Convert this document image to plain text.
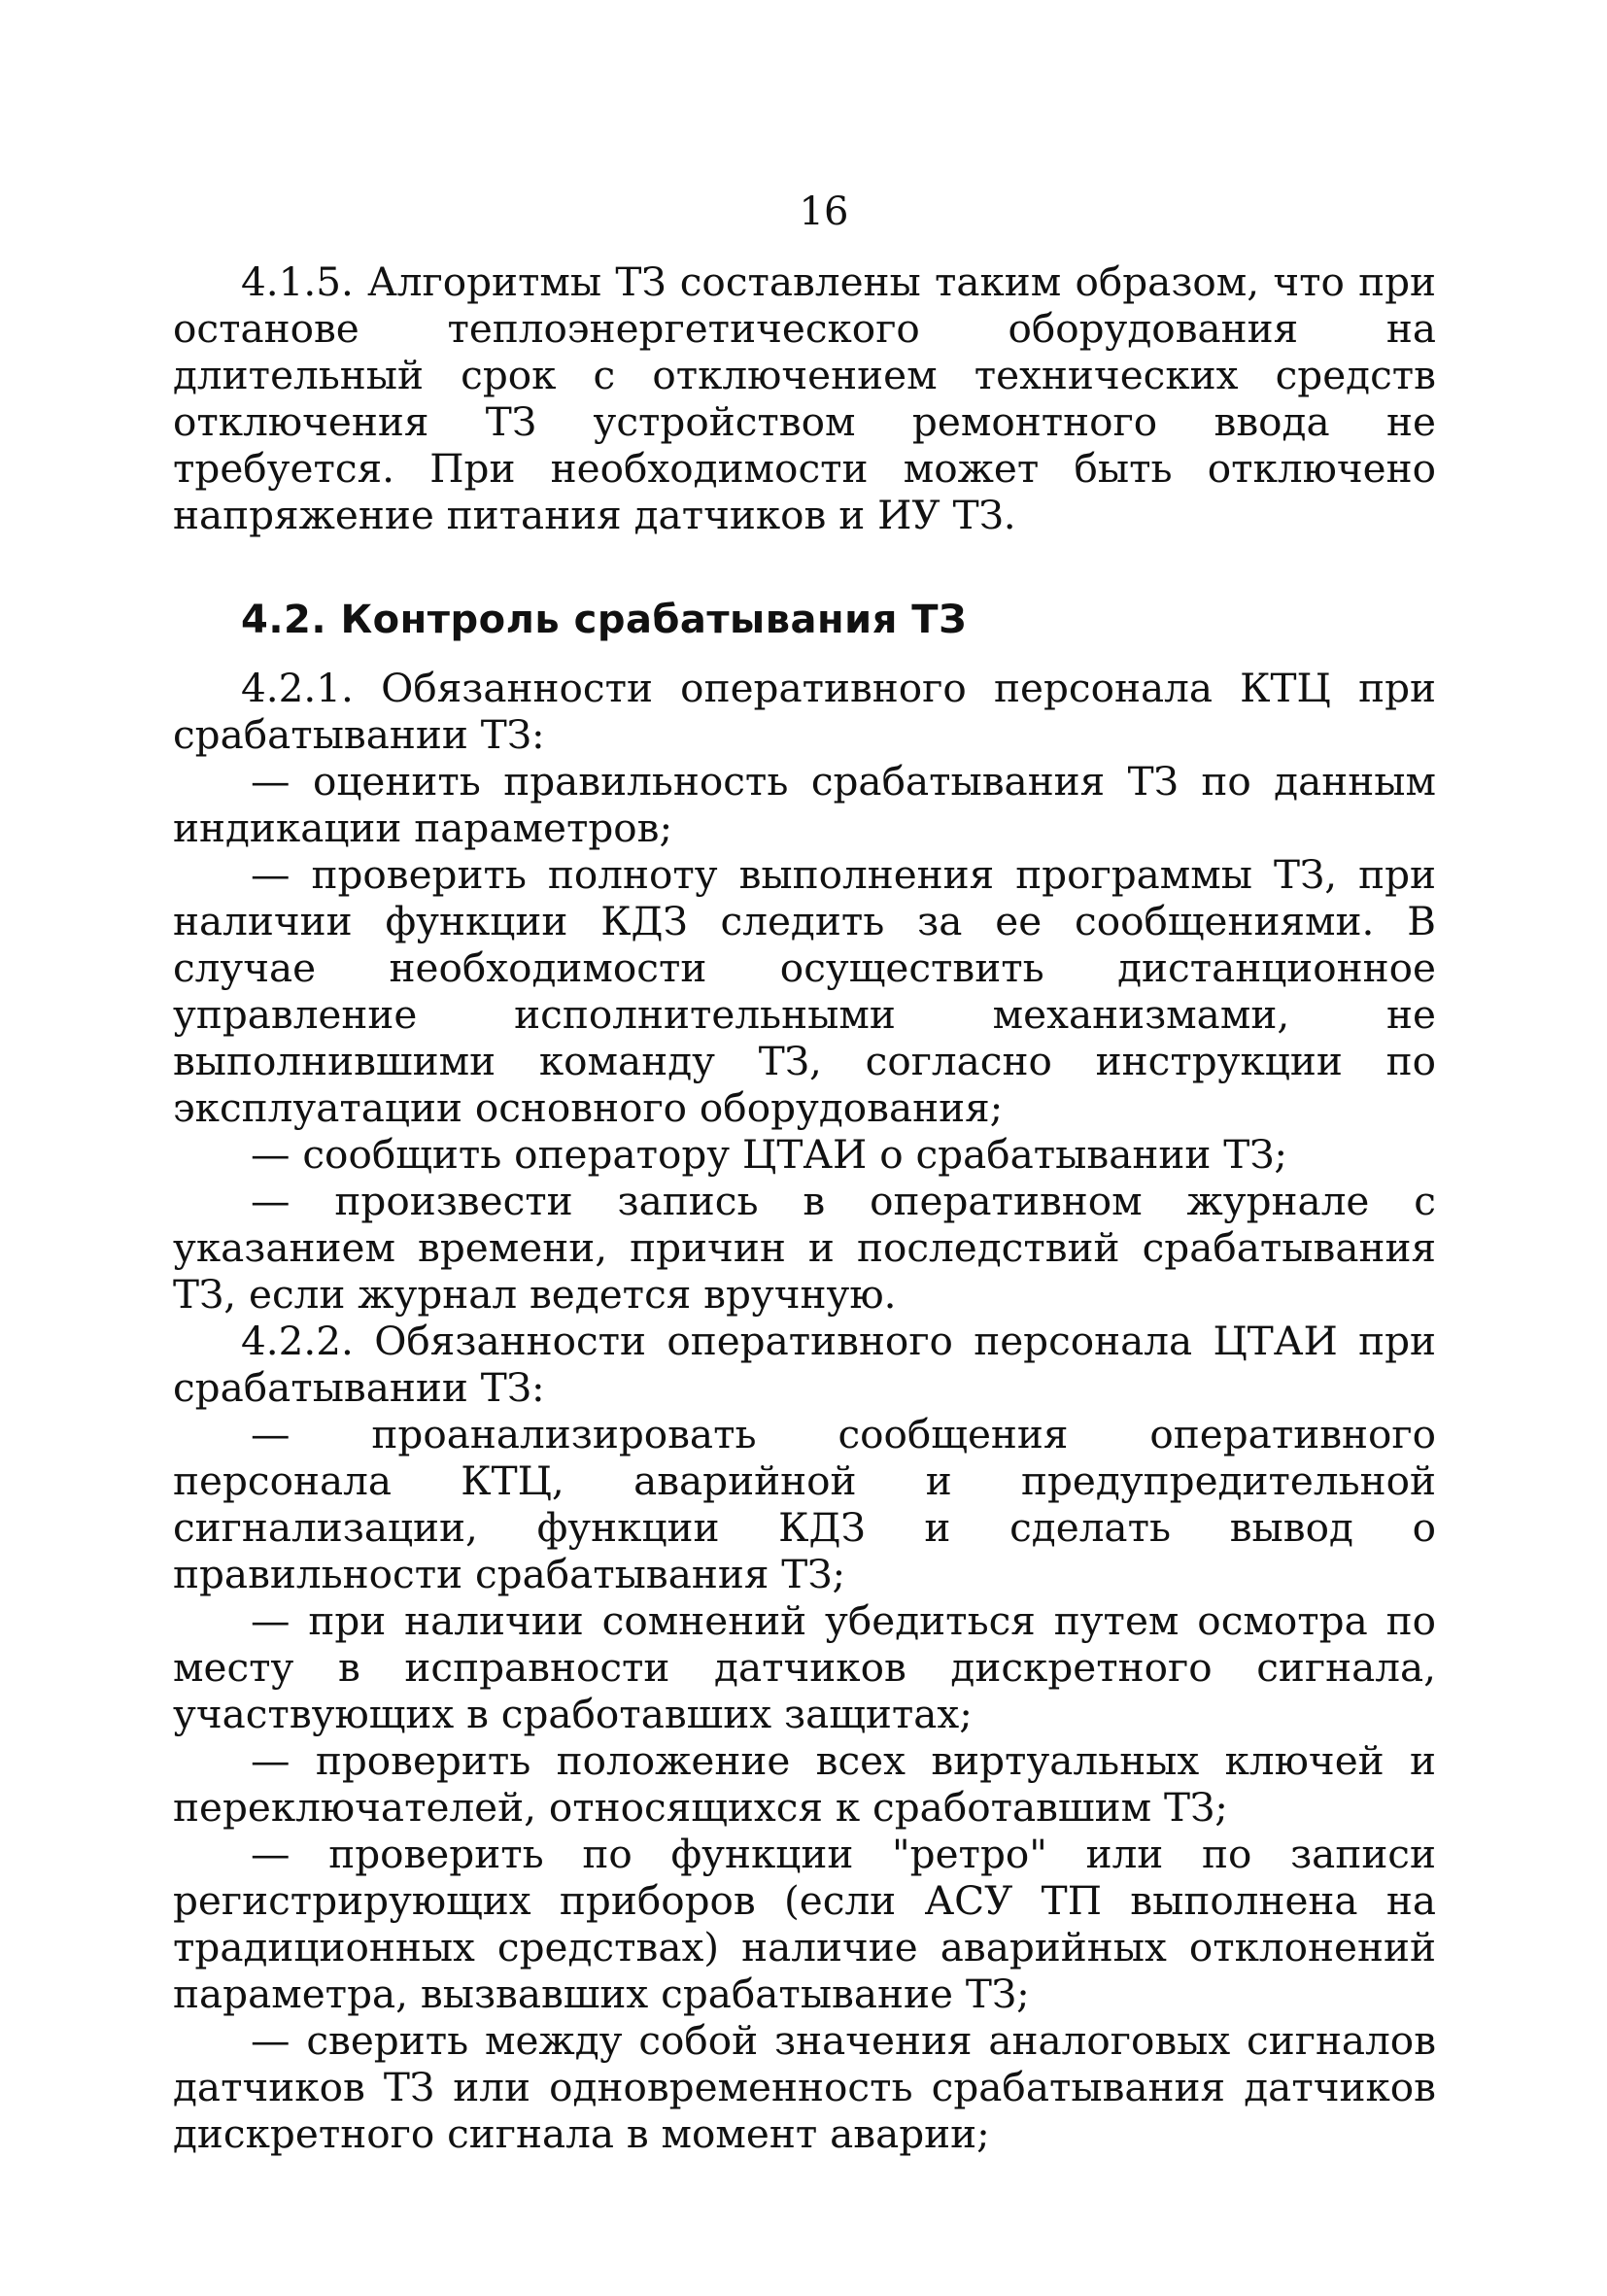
16

4.1.5. Алгоритмы ТЗ составлены таким образом, что при останове теплоэнергетического оборудования на длительный срок с отключением технических средств отключения ТЗ устройством ремонтного ввода не требуется. При необходимости может быть отключено напряжение питания датчиков и ИУ ТЗ.

4.2. Контроль срабатывания ТЗ

4.2.1. Обязанности оперативного персонала КТЦ при срабатывании ТЗ:

— оценить правильность срабатывания ТЗ по данным индикации параметров;

— проверить полноту выполнения программы ТЗ, при наличии функции КДЗ следить за ее сообщениями. В случае необходимости осуществить дистанционное управление исполнительными механизмами, не выполнившими команду ТЗ, согласно инструкции по эксплуатации основного оборудования;

— сообщить оператору ЦТАИ о срабатывании ТЗ;

— произвести запись в оперативном журнале с указанием времени, причин и последствий срабатывания ТЗ, если журнал ведется вручную.

4.2.2. Обязанности оперативного персонала ЦТАИ при срабатывании ТЗ:

— проанализировать сообщения оперативного персонала КТЦ, аварийной и предупредительной сигнализации, функции КДЗ и сделать вывод о правильности срабатывания ТЗ;

— при наличии сомнений убедиться путем осмотра по месту в исправности датчиков дискретного сигнала, участвующих в сработавших защитах;

— проверить положение всех виртуальных ключей и переключателей, относящихся к сработавшим ТЗ;

— проверить по функции "ретро" или по записи регистрирующих приборов (если АСУ ТП выполнена на традиционных средствах) наличие аварийных отклонений параметра, вызвавших срабатывание ТЗ;

— сверить между собой значения аналоговых сигналов датчиков ТЗ или одновременность срабатывания датчиков дискретного сигнала в момент аварии;
